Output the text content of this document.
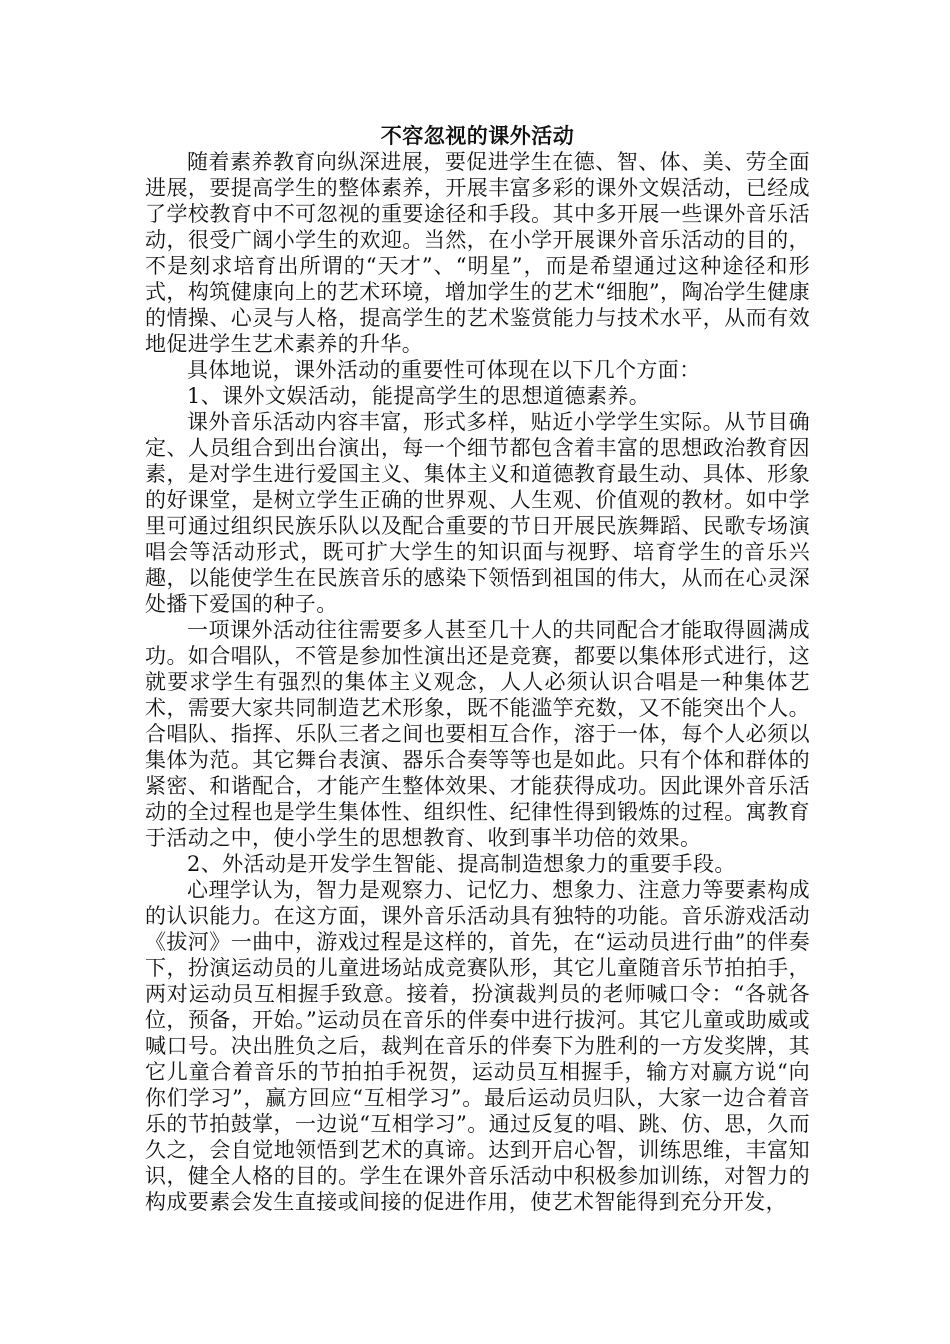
不容忽视的课外活动

随着素养教育向纵深进展，要促进学生在德、智、体、美、劳全面进展，要提高学生的整体素养，开展丰富多彩的课外文娱活动，已经成了学校教育中不可忽视的重要途径和手段。其中多开展一些课外音乐活动，很受广阔小学生的欢迎。当然，在小学开展课外音乐活动的目的，不是刻求培育出所谓的“天才”、“明星”，而是希望通过这种途径和形式，构筑健康向上的艺术环境，增加学生的艺术“细胞”，陶冶学生健康的情操、心灵与人格，提高学生的艺术鉴赏能力与技术水平，从而有效地促进学生艺术素养的升华。

具体地说，课外活动的重要性可体现在以下几个方面：

1、课外文娱活动，能提高学生的思想道德素养。

课外音乐活动内容丰富，形式多样，贴近小学学生实际。从节目确定、人员组合到出台演出，每一个细节都包含着丰富的思想政治教育因素，是对学生进行爱国主义、集体主义和道德教育最生动、具体、形象的好课堂，是树立学生正确的世界观、人生观、价值观的教材。如中学里可通过组织民族乐队以及配合重要的节日开展民族舞蹈、民歌专场演唱会等活动形式，既可扩大学生的知识面与视野、培育学生的音乐兴趣，以能使学生在民族音乐的感染下领悟到祖国的伟大，从而在心灵深处播下爱国的种子。

一项课外活动往往需要多人甚至几十人的共同配合才能取得圆满成功。如合唱队，不管是参加性演出还是竞赛，都要以集体形式进行，这就要求学生有强烈的集体主义观念，人人必须认识合唱是一种集体艺术，需要大家共同制造艺术形象，既不能滥竽充数，又不能突出个人。合唱队、指挥、乐队三者之间也要相互合作，溶于一体，每个人必须以集体为范。其它舞台表演、器乐合奏等等也是如此。只有个体和群体的紧密、和谐配合，才能产生整体效果、才能获得成功。因此课外音乐活动的全过程也是学生集体性、组织性、纪律性得到锻炼的过程。寓教育于活动之中，使小学生的思想教育、收到事半功倍的效果。

2、外活动是开发学生智能、提高制造想象力的重要手段。

心理学认为，智力是观察力、记忆力、想象力、注意力等要素构成的认识能力。在这方面，课外音乐活动具有独特的功能。音乐游戏活动《拔河》一曲中，游戏过程是这样的，首先，在“运动员进行曲”的伴奏下，扮演运动员的儿童进场站成竞赛队形，其它儿童随音乐节拍拍手，两对运动员互相握手致意。接着，扮演裁判员的老师喊口令：“各就各位，预备，开始。”运动员在音乐的伴奏中进行拔河。其它儿童或助威或喊口号。决出胜负之后，裁判在音乐的伴奏下为胜利的一方发奖牌，其它儿童合着音乐的节拍拍手祝贺，运动员互相握手，输方对赢方说“向你们学习”，赢方回应“互相学习”。最后运动员归队，大家一边合着音乐的节拍鼓掌，一边说“互相学习”。通过反复的唱、跳、仿、思，久而久之，会自觉地领悟到艺术的真谛。达到开启心智，训练思维，丰富知识，健全人格的目的。学生在课外音乐活动中积极参加训练，对智力的构成要素会发生直接或间接的促进作用，使艺术智能得到充分开发，
